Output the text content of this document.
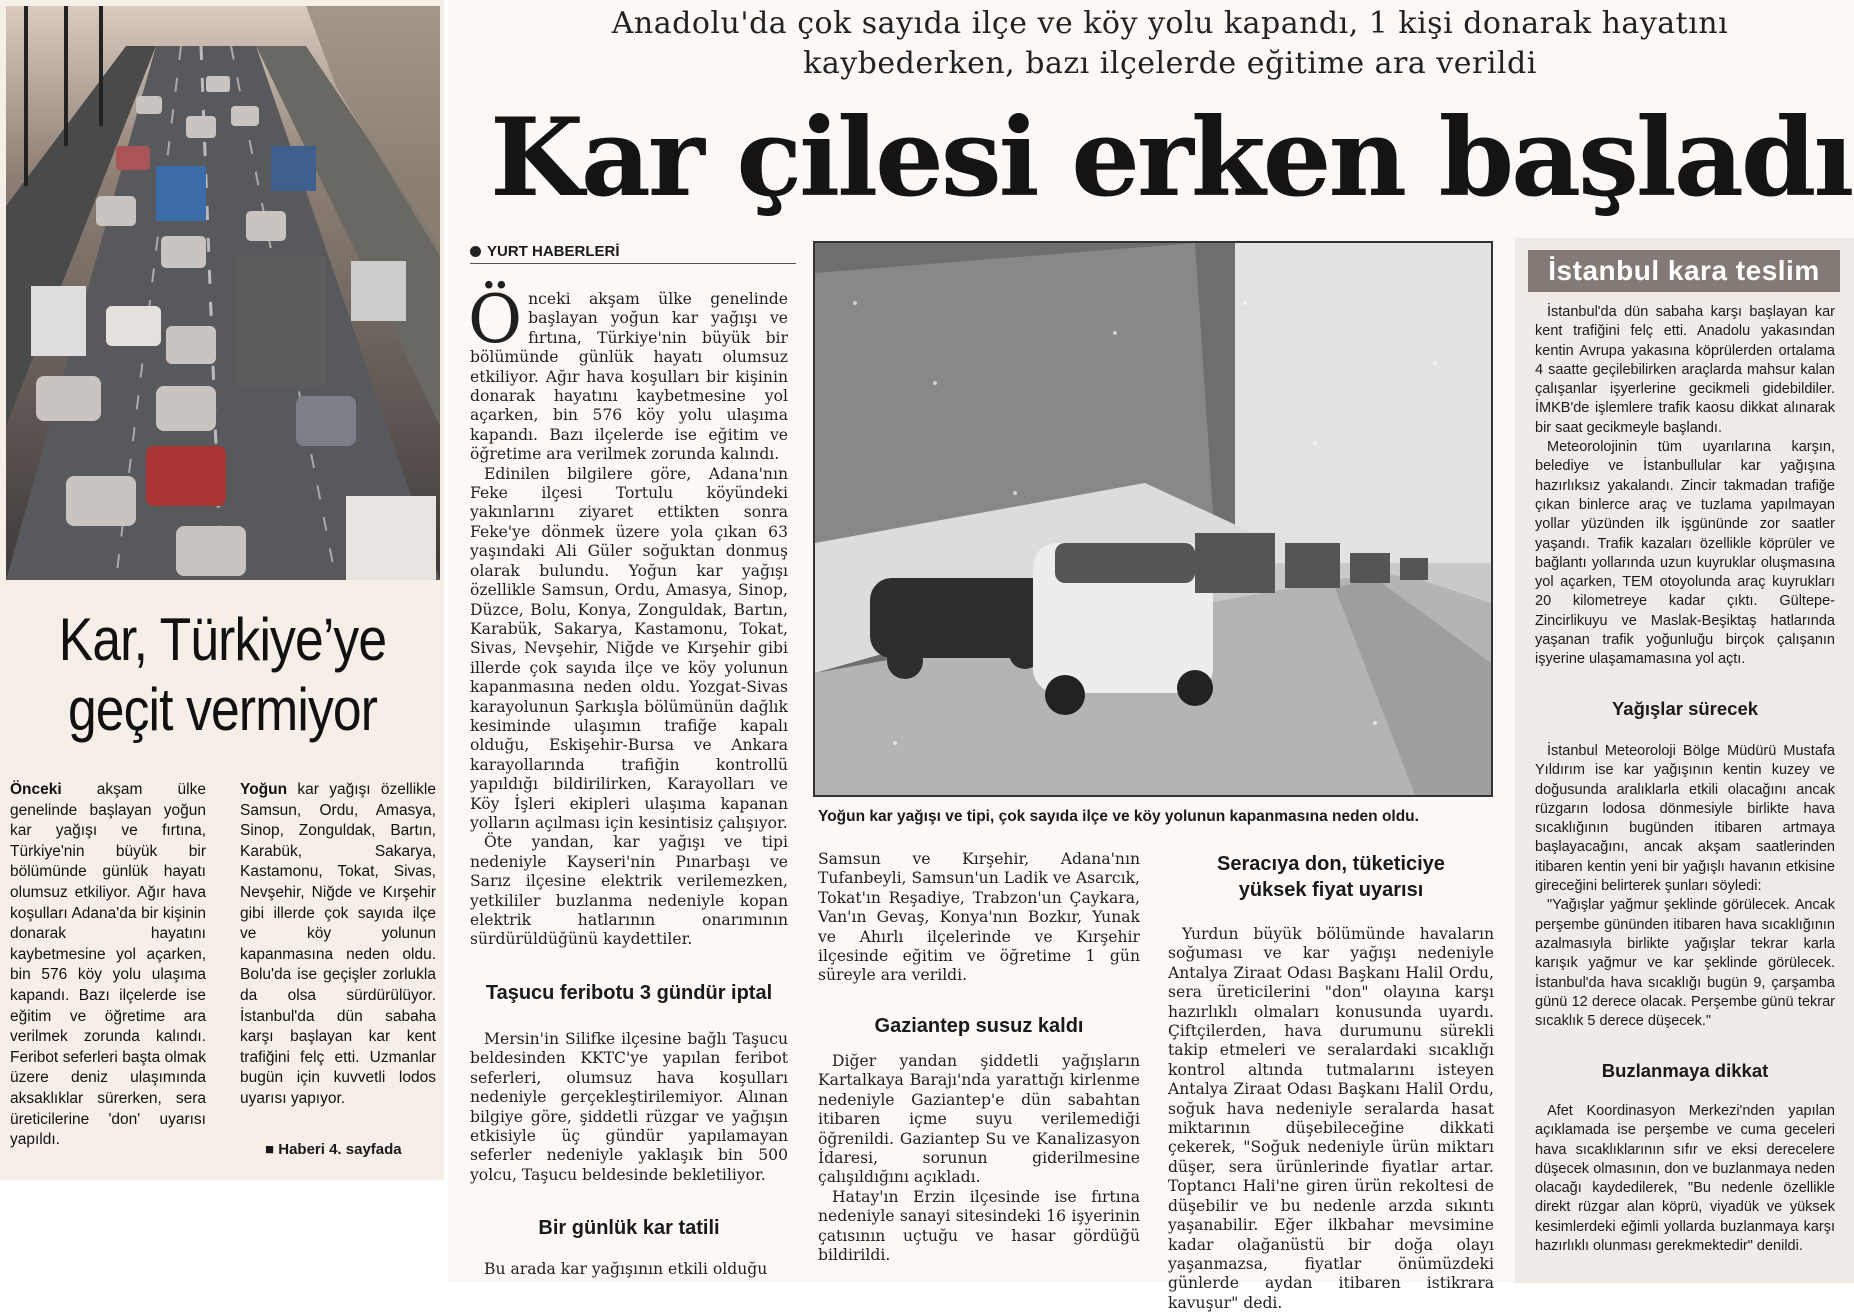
Kar, Türkiye’ye
geçit vermiyor
Önceki akşam ülke genelinde başlayan yoğun kar yağışı ve fırtına, Türkiye'nin büyük bir bölümünde günlük hayatı olumsuz etkiliyor. Ağır hava koşulları Adana'da bir kişinin donarak hayatını kaybetmesine yol açarken, bin 576 köy yolu ulaşıma kapandı. Bazı ilçelerde ise eğitim ve öğretime ara verilmek zorunda kalındı. Feribot seferleri başta olmak üzere deniz ulaşımında aksaklıklar sürerken, sera üreticilerine 'don' uyarısı yapıldı.
Yoğun kar yağışı özellikle Samsun, Ordu, Amasya, Sinop, Zonguldak, Bartın, Karabük, Sakarya, Kastamonu, Tokat, Sivas, Nevşehir, Niğde ve Kırşehir gibi illerde çok sayıda ilçe ve köy yolunun kapanmasına neden oldu. Bolu'da ise geçişler zorlukla da olsa sürdürülüyor. İstanbul'da dün sabaha karşı başlayan kar kent trafiğini felç etti. Uzmanlar bugün için kuvvetli lodos uyarısı yapıyor.
■ Haberi 4. sayfada
Anadolu'da çok sayıda ilçe ve köy yolu kapandı, 1 kişi donarak hayatını
kaybederken, bazı ilçelerde eğitime ara verildi
Kar çilesi erken başladı
YURT HABERLERİ

Önceki akşam ülke genelinde başlayan yoğun kar yağışı ve fırtına, Türkiye'nin büyük bir bölümünde günlük hayatı olumsuz etkiliyor. Ağır hava koşulları bir kişinin donarak hayatını kaybetmesine yol açarken, bin 576 köy yolu ulaşıma kapandı. Bazı ilçelerde ise eğitim ve öğretime ara verilmek zorunda kalındı.

Edinilen bilgilere göre, Adana'nın Feke ilçesi Tortulu köyündeki yakınlarını ziyaret ettikten sonra Feke'ye dönmek üzere yola çıkan 63 yaşındaki Ali Güler soğuktan donmuş olarak bulundu. Yoğun kar yağışı özellikle Samsun, Ordu, Amasya, Sinop, Düzce, Bolu, Konya, Zonguldak, Bartın, Karabük, Sakarya, Kastamonu, Tokat, Sivas, Nevşehir, Niğde ve Kırşehir gibi illerde çok sayıda ilçe ve köy yolunun kapanmasına neden oldu. Yozgat-Sivas karayolunun Şarkışla bölümünün dağlık kesiminde ulaşımın trafiğe kapalı olduğu, Eskişehir-Bursa ve Ankara karayollarında trafiğin kontrollü yapıldığı bildirilirken, Karayolları ve Köy İşleri ekipleri ulaşıma kapanan yolların açılması için kesintisiz çalışıyor.

Öte yandan, kar yağışı ve tipi nedeniyle Kayseri'nin Pınarbaşı ve Sarız ilçesine elektrik verilemezken, yetkililer buzlanma nedeniyle kopan elektrik hatlarının onarımının sürdürüldüğünü kaydettiler.

Taşucu feribotu 3 gündür iptal

Mersin'in Silifke ilçesine bağlı Taşucu beldesinden KKTC'ye yapılan feribot seferleri, olumsuz hava koşulları nedeniyle gerçekleştirilemiyor. Alınan bilgiye göre, şiddetli rüzgar ve yağışın etkisiyle üç gündür yapılamayan seferler nedeniyle yaklaşık bin 500 yolcu, Taşucu beldesinde bekletiliyor.

Bir günlük kar tatili

Bu arada kar yağışının etkili olduğu

Yoğun kar yağışı ve tipi, çok sayıda ilçe ve köy yolunun kapanmasına neden oldu.

Samsun ve Kırşehir, Adana'nın Tufanbeyli, Samsun'un Ladik ve Asarcık, Tokat'ın Reşadiye, Trabzon'un Çaykara, Van'ın Gevaş, Konya'nın Bozkır, Yunak ve Ahırlı ilçelerinde ve Kırşehir ilçesinde eğitim ve öğretime 1 gün süreyle ara verildi.

Gaziantep susuz kaldı

Diğer yandan şiddetli yağışların Kartalkaya Barajı'nda yarattığı kirlenme nedeniyle Gaziantep'e dün sabahtan itibaren içme suyu verilemediği öğrenildi. Gaziantep Su ve Kanalizasyon İdaresi, sorunun giderilmesine çalışıldığını açıkladı.

Hatay'ın Erzin ilçesinde ise fırtına nedeniyle sanayi sitesindeki 16 işyerinin çatısının uçtuğu ve hasar gördüğü bildirildi.

Seracıya don, tüketiciye
yüksek fiyat uyarısı

Yurdun büyük bölümünde havaların soğuması ve kar yağışı nedeniyle Antalya Ziraat Odası Başkanı Halil Ordu, sera üreticilerini "don" olayına karşı hazırlıklı olmaları konusunda uyardı. Çiftçilerden, hava durumunu sürekli takip etmeleri ve seralardaki sıcaklığı kontrol altında tutmalarını isteyen Antalya Ziraat Odası Başkanı Halil Ordu, soğuk hava nedeniyle seralarda hasat miktarının düşebileceğine dikkati çekerek, "Soğuk nedeniyle ürün miktarı düşer, sera ürünlerinde fiyatlar artar. Toptancı Hali'ne giren ürün rekoltesi de düşebilir ve bu nedenle arzda sıkıntı yaşanabilir. Eğer ilkbahar mevsimine kadar olağanüstü bir doğa olayı yaşanmazsa, fiyatlar önümüzdeki günlerde aydan itibaren istikrara kavuşur" dedi.

İstanbul kara teslim

İstanbul'da dün sabaha karşı başlayan kar kent trafiğini felç etti. Anadolu yakasından kentin Avrupa yakasına köprülerden ortalama 4 saatte geçilebilirken araçlarda mahsur kalan çalışanlar işyerlerine gecikmeli gidebildiler. İMKB'de işlemlere trafik kaosu dikkat alınarak bir saat gecikmeyle başlandı.

Meteorolojinin tüm uyarılarına karşın, belediye ve İstanbullular kar yağışına hazırlıksız yakalandı. Zincir takmadan trafiğe çıkan binlerce araç ve tuzlama yapılmayan yollar yüzünden ilk işgününde zor saatler yaşandı. Trafik kazaları özellikle köprüler ve bağlantı yollarında uzun kuyruklar oluşmasına yol açarken, TEM otoyolunda araç kuyrukları 20 kilometreye kadar çıktı. Gültepe-Zincirlikuyu ve Maslak-Beşiktaş hatlarında yaşanan trafik yoğunluğu birçok çalışanın işyerine ulaşamamasına yol açtı.

Yağışlar sürecek

İstanbul Meteoroloji Bölge Müdürü Mustafa Yıldırım ise kar yağışının kentin kuzey ve doğusunda aralıklarla etkili olacağını ancak rüzgarın lodosa dönmesiyle birlikte hava sıcaklığının bugünden itibaren artmaya başlayacağını, ancak akşam saatlerinden itibaren kentin yeni bir yağışlı havanın etkisine gireceğini belirterek şunları söyledi:

"Yağışlar yağmur şeklinde görülecek. Ancak perşembe gününden itibaren hava sıcaklığının azalmasıyla birlikte yağışlar tekrar karla karışık yağmur ve kar şeklinde görülecek. İstanbul'da hava sıcaklığı bugün 9, çarşamba günü 12 derece olacak. Perşembe günü tekrar sıcaklık 5 derece düşecek."

Buzlanmaya dikkat

Afet Koordinasyon Merkezi'nden yapılan açıklamada ise perşembe ve cuma geceleri hava sıcaklıklarının sıfır ve eksi derecelere düşecek olmasının, don ve buzlanmaya neden olacağı kaydedilerek, "Bu nedenle özellikle direkt rüzgar alan köprü, viyadük ve yüksek kesimlerdeki eğimli yollarda buzlanmaya karşı hazırlıklı olunması gerekmektedir" denildi.
